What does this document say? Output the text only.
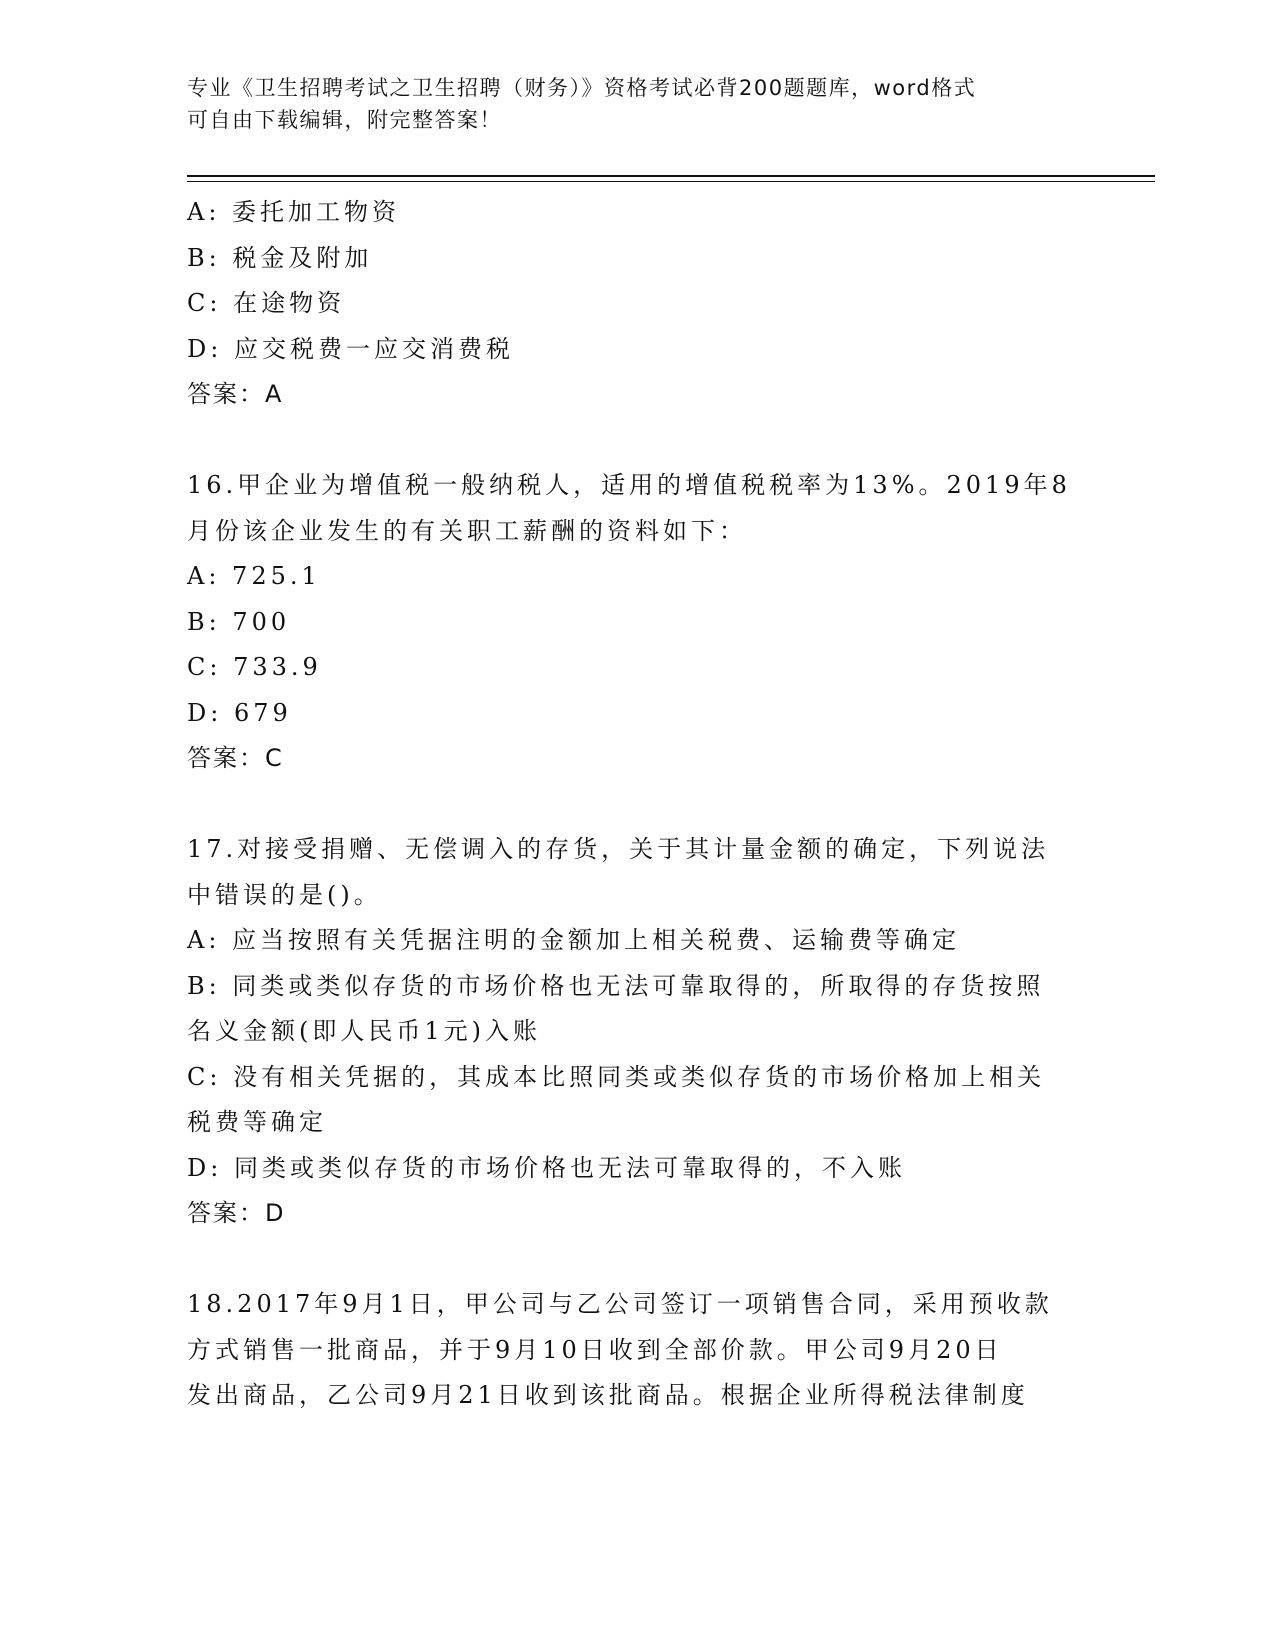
专业《卫生招聘考试之卫生招聘（财务）》资格考试必背200题题库，word格式
可自由下载编辑，附完整答案！
A: 委托加工物资
B: 税金及附加
C: 在途物资
D: 应交税费一应交消费税
答案：A
16.甲企业为增值税一般纳税人，适用的增值税税率为13%。2019年8
月份该企业发生的有关职工薪酬的资料如下：
A: 725.1
B: 700
C: 733.9
D: 679
答案：C
17.对接受捐赠、无偿调入的存货，关于其计量金额的确定，下列说法
中错误的是()。
A: 应当按照有关凭据注明的金额加上相关税费、运输费等确定
B: 同类或类似存货的市场价格也无法可靠取得的，所取得的存货按照
名义金额(即人民币1元)入账
C: 没有相关凭据的，其成本比照同类或类似存货的市场价格加上相关
税费等确定
D: 同类或类似存货的市场价格也无法可靠取得的，不入账
答案：D
18.2017年9月1日，甲公司与乙公司签订一项销售合同，采用预收款
方式销售一批商品，并于9月10日收到全部价款。甲公司9月20日
发出商品，乙公司9月21日收到该批商品。根据企业所得税法律制度
